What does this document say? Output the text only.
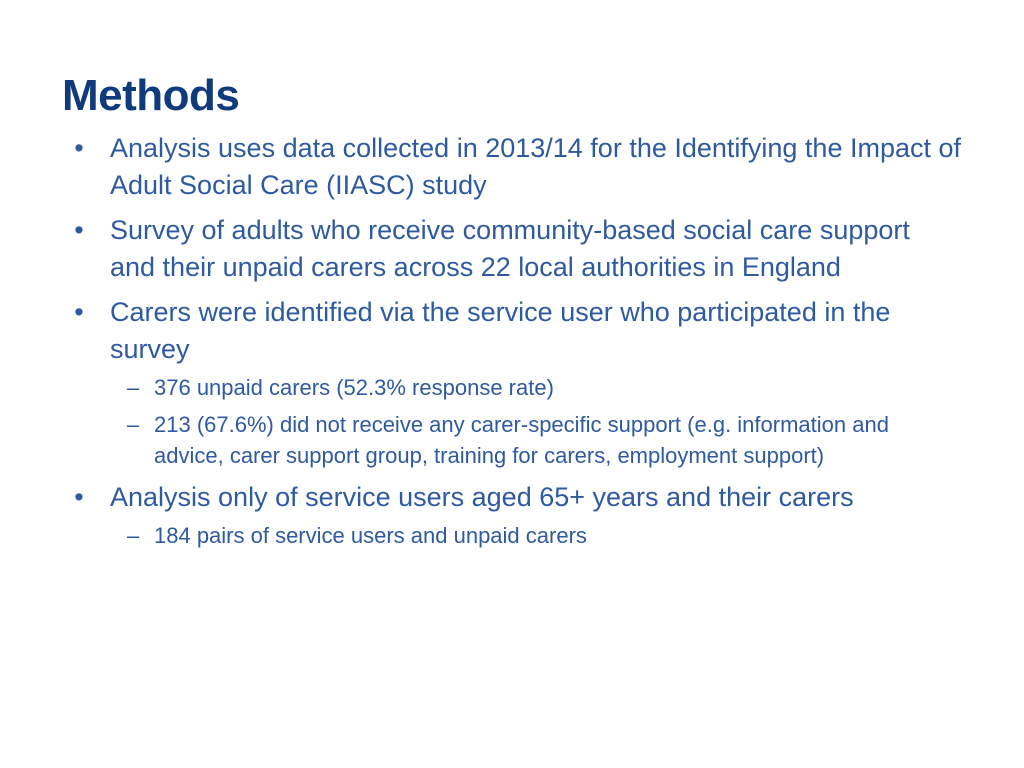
Methods
• Analysis uses data collected in 2013/14 for the Identifying the Impact of Adult Social Care (IIASC) study
• Survey of adults who receive community-based social care support and their unpaid carers across 22 local authorities in England
• Carers were identified via the service user who participated in the survey
– 376 unpaid carers (52.3% response rate)
– 213 (67.6%) did not receive any carer-specific support (e.g. information and advice, carer support group, training for carers, employment support)
• Analysis only of service users aged 65+ years and their carers
– 184 pairs of service users and unpaid carers
